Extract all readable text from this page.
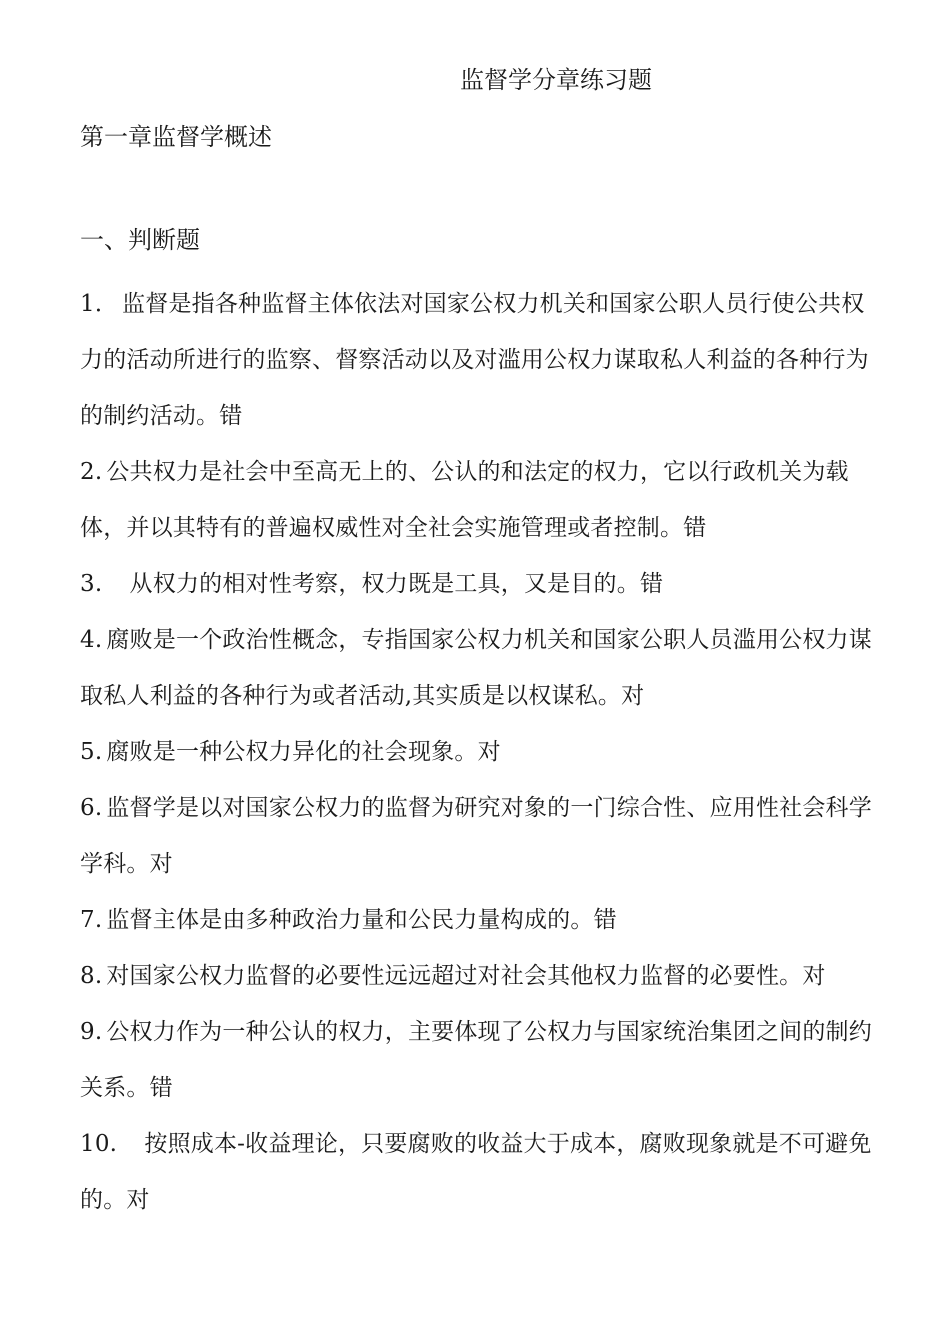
监督学分章练习题
第一章监督学概述
一、判断题
1． 监督是指各种监督主体依法对国家公权力机关和国家公职人员行使公共权力的活动所进行的监察、督察活动以及对滥用公权力谋取私人利益的各种行为的制约活动。错
2. 公共权力是社会中至高无上的、公认的和法定的权力，它以行政机关为载体，并以其特有的普遍权威性对全社会实施管理或者控制。错
3.　从权力的相对性考察，权力既是工具，又是目的。错
4. 腐败是一个政治性概念，专指国家公权力机关和国家公职人员滥用公权力谋取私人利益的各种行为或者活动,其实质是以权谋私。对
5. 腐败是一种公权力异化的社会现象。对
6. 监督学是以对国家公权力的监督为研究对象的一门综合性、应用性社会科学学科。对
7. 监督主体是由多种政治力量和公民力量构成的。错
8. 对国家公权力监督的必要性远远超过对社会其他权力监督的必要性。对
9. 公权力作为一种公认的权力，主要体现了公权力与国家统治集团之间的制约关系。错
10.　按照成本-收益理论，只要腐败的收益大于成本，腐败现象就是不可避免的。对
